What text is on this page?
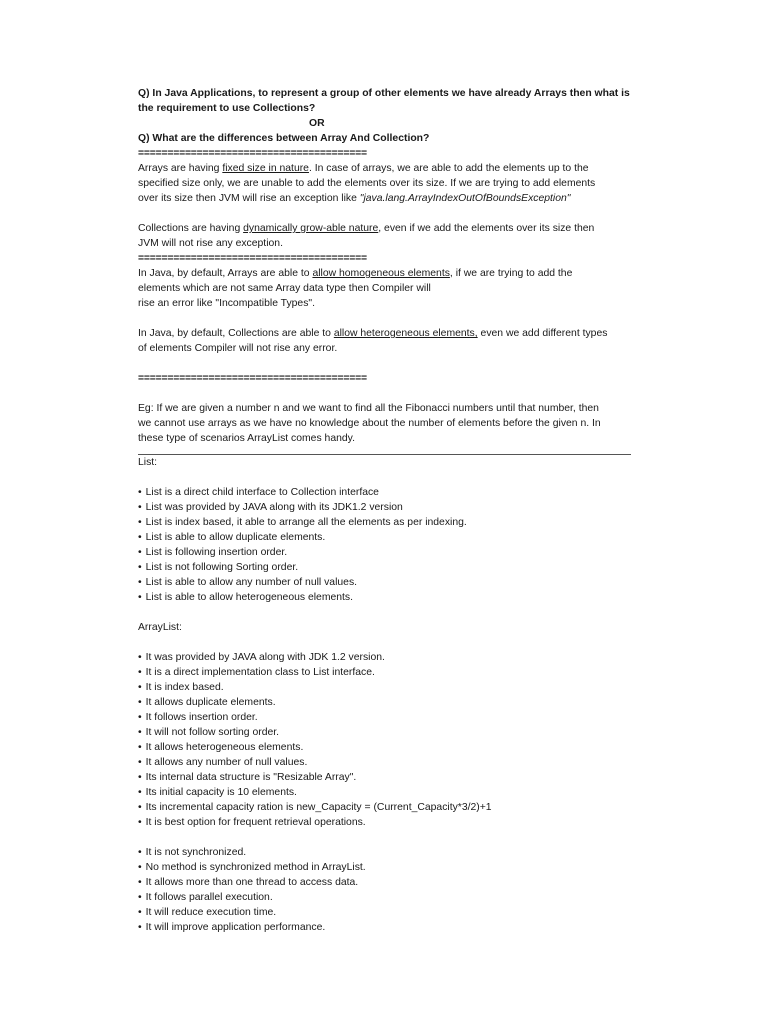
Q) In Java Applications, to represent a group of other elements we have already Arrays then what is
the requirement to use Collections?
OR
Q) What are the differences between Array And Collection?
=======================================
Arrays are having fixed size in nature. In case of arrays, we are able to add the elements up to the
specified size only, we are unable to add the elements over its size. If we are trying to add elements
over its size then JVM will rise an exception like "java.lang.ArrayIndexOutOfBoundsException"
Collections are having dynamically grow-able nature, even if we add the elements over its size then
JVM will not rise any exception.
=======================================
In Java, by default, Arrays are able to allow homogeneous elements, if we are trying to add the
elements which are not same Array data type then Compiler will
rise an error like "Incompatible Types".
In Java, by default, Collections are able to allow heterogeneous elements, even we add different types
of elements Compiler will not rise any error.
=======================================
Eg: If we are given a number n and we want to find all the Fibonacci numbers until that number, then
we cannot use arrays as we have no knowledge about the number of elements before the given n. In
these type of scenarios ArrayList comes handy.
List:
• List is a direct child interface to Collection interface
• List was provided by JAVA along with its JDK1.2 version
• List is index based, it able to arrange all the elements as per indexing.
• List is able to allow duplicate elements.
• List is following insertion order.
• List is not following Sorting order.
• List is able to allow any number of null values.
• List is able to allow heterogeneous elements.
ArrayList:
• It was provided by JAVA along with JDK 1.2 version.
• It is a direct implementation class to List interface.
• It is index based.
• It allows duplicate elements.
• It follows insertion order.
• It will not follow sorting order.
• It allows heterogeneous elements.
• It allows any number of null values.
• Its internal data structure is "Resizable Array".
• Its initial capacity is 10 elements.
• Its incremental capacity ration is new_Capacity = (Current_Capacity*3/2)+1
• It is best option for frequent retrieval operations.
• It is not synchronized.
• No method is synchronized method in ArrayList.
• It allows more than one thread to access data.
• It follows parallel execution.
• It will reduce execution time.
• It will improve application performance.
